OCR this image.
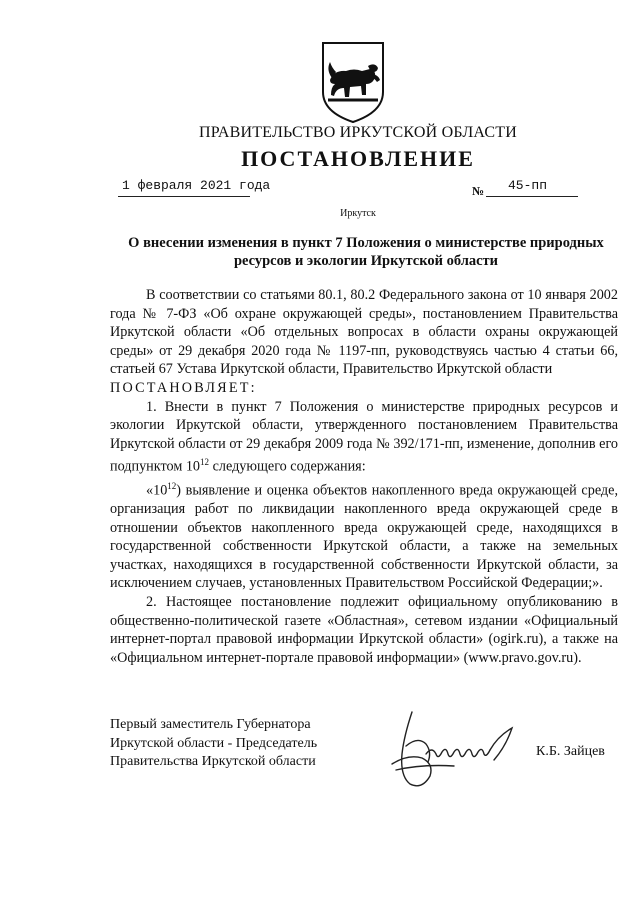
ПРАВИТЕЛЬСТВО ИРКУТСКОЙ ОБЛАСТИ
ПОСТАНОВЛЕНИЕ
1 февраля 2021 года	№ 45-пп
Иркутск
О внесении изменения в пункт 7 Положения о министерстве природных ресурсов и экологии Иркутской области

В соответствии со статьями 80.1, 80.2 Федерального закона от 10 января 2002 года № 7-ФЗ «Об охране окружающей среды», постановлением Правительства Иркутской области «Об отдельных вопросах в области охраны окружающей среды» от 29 декабря 2020 года № 1197-пп, руководствуясь частью 4 статьи 66, статьей 67 Устава Иркутской области, Правительство Иркутской области

ПОСТАНОВЛЯЕТ:

1. Внести в пункт 7 Положения о министерстве природных ресурсов и экологии Иркутской области, утвержденного постановлением Правительства Иркутской области от 29 декабря 2009 года № 392/171-пп, изменение, дополнив его подпунктом $10^{12}$ следующего содержания:

«$10^{12}$) выявление и оценка объектов накопленного вреда окружающей среде, организация работ по ликвидации накопленного вреда окружающей среде в отношении объектов накопленного вреда окружающей среде, находящихся в государственной собственности Иркутской области, а также на земельных участках, находящихся в государственной собственности Иркутской области, за исключением случаев, установленных Правительством Российской Федерации;».

2. Настоящее постановление подлежит официальному опубликованию в общественно-политической газете «Областная», сетевом издании «Официальный интернет-портал правовой информации Иркутской области» (ogirk.ru), а также на «Официальном интернет-портале правовой информации» (www.pravo.gov.ru).

Первый заместитель Губернатора
Иркутской области - Председатель
Правительства Иркутской области
К.Б. Зайцев
